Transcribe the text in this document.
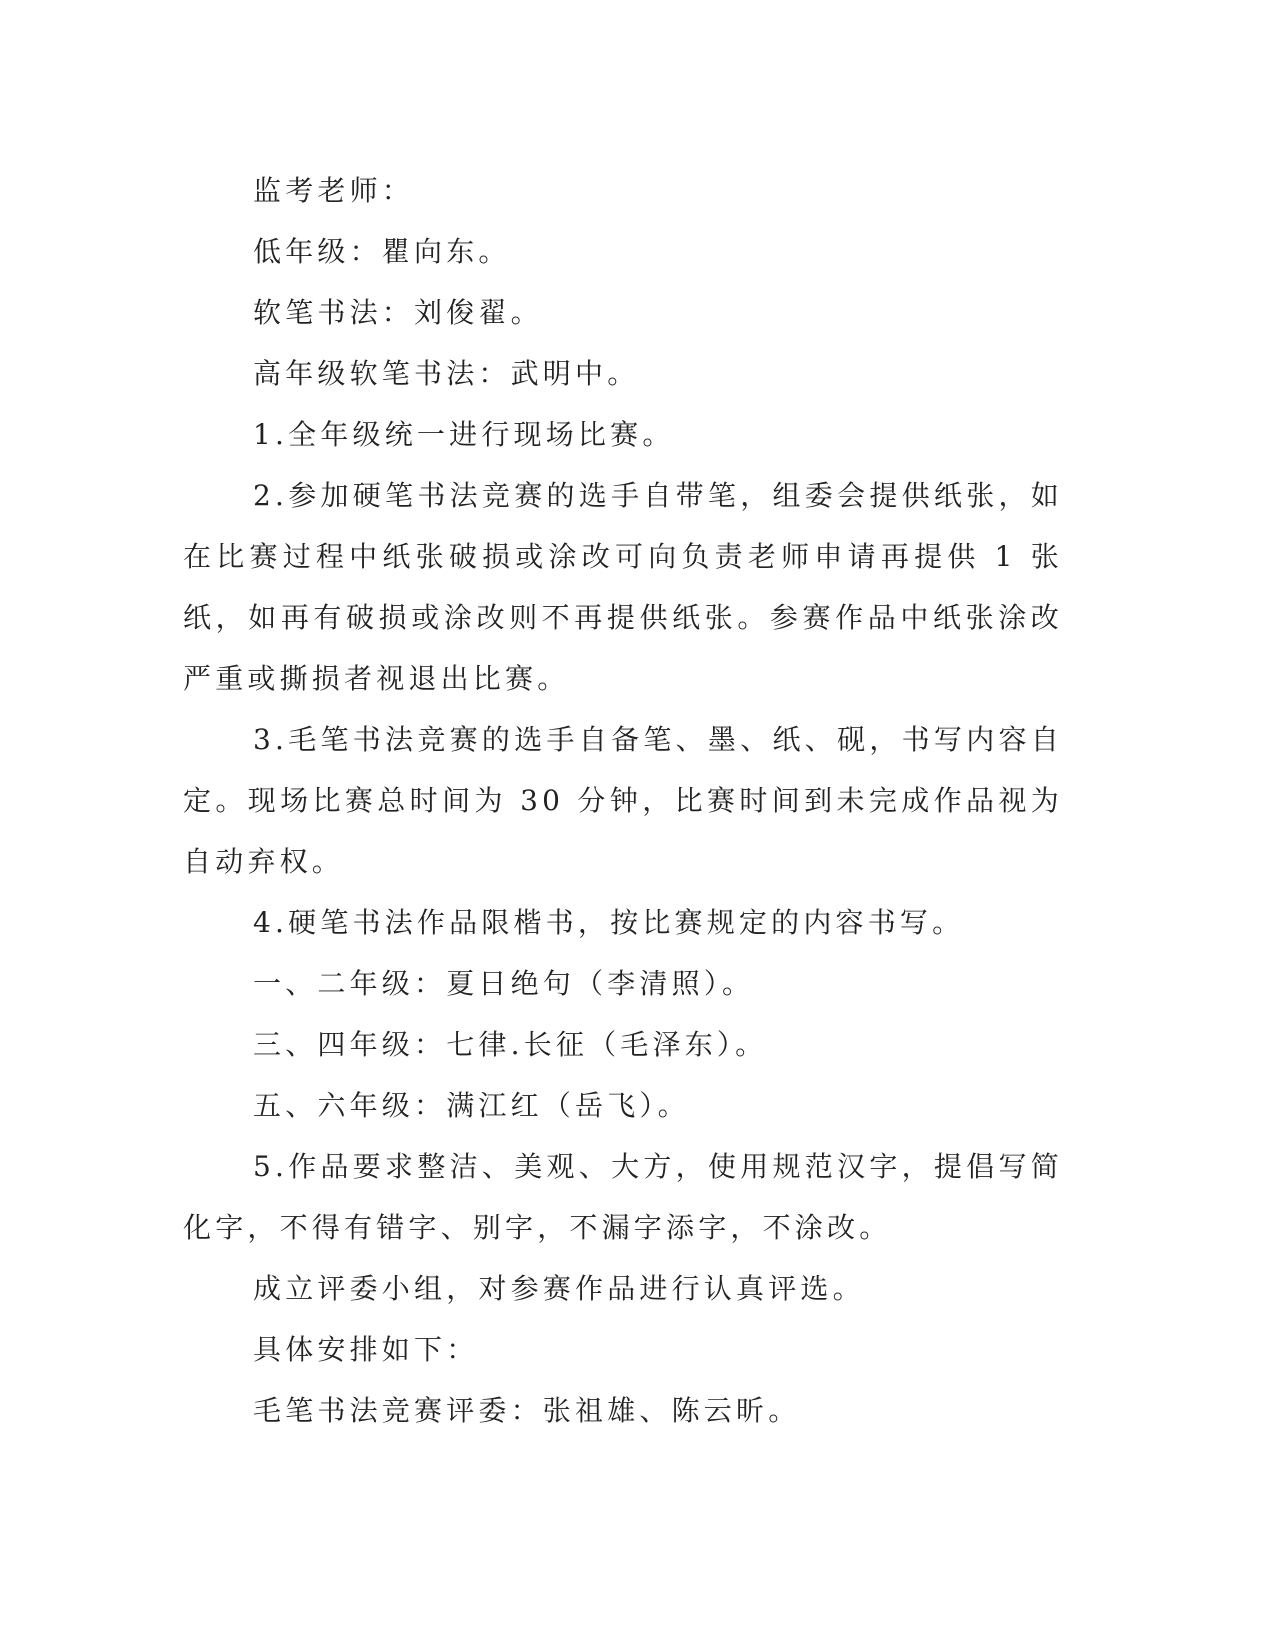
监考老师：

低年级：瞿向东。

软笔书法：刘俊翟。

高年级软笔书法：武明中。

1.全年级统一进行现场比赛。

2.参加硬笔书法竞赛的选手自带笔，组委会提供纸张，如在比赛过程中纸张破损或涂改可向负责老师申请再提供 1 张纸，如再有破损或涂改则不再提供纸张。参赛作品中纸张涂改严重或撕损者视退出比赛。

3.毛笔书法竞赛的选手自备笔、墨、纸、砚，书写内容自定。现场比赛总时间为 30 分钟，比赛时间到未完成作品视为自动弃权。

4.硬笔书法作品限楷书，按比赛规定的内容书写。

一、二年级：夏日绝句（李清照）。

三、四年级：七律.长征（毛泽东）。

五、六年级：满江红（岳飞）。

5.作品要求整洁、美观、大方，使用规范汉字，提倡写简化字，不得有错字、别字，不漏字添字，不涂改。

成立评委小组，对参赛作品进行认真评选。

具体安排如下：

毛笔书法竞赛评委：张祖雄、陈云昕。
